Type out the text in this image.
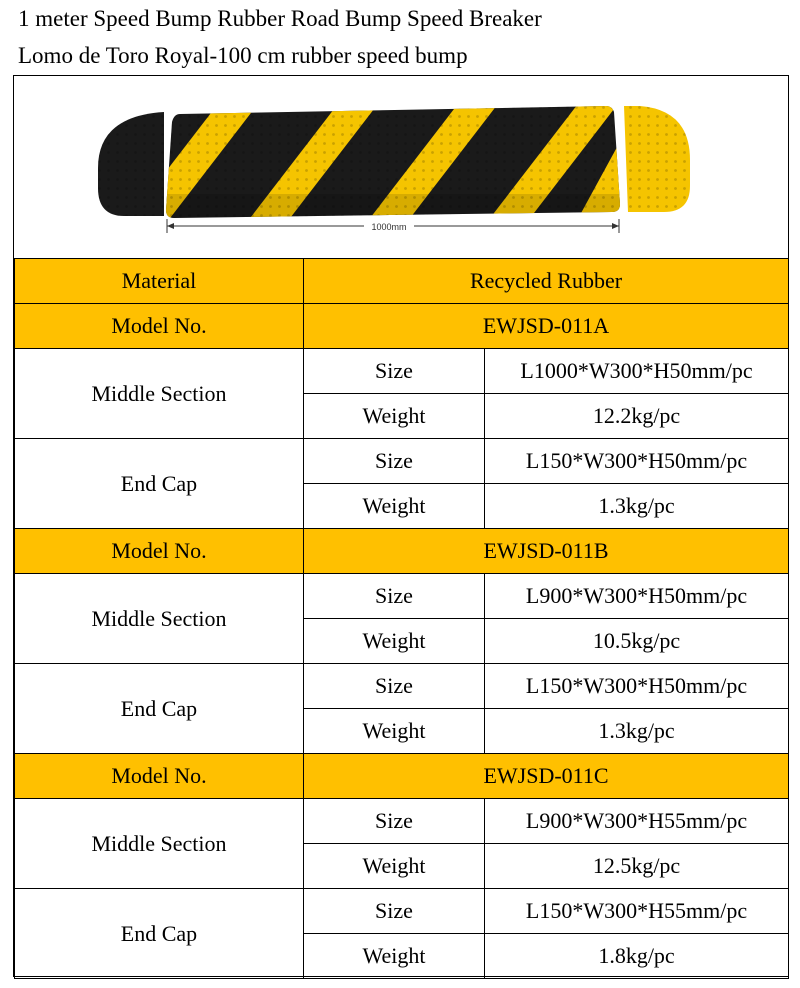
1 meter Speed Bump Rubber Road Bump Speed Breaker
Lomo de Toro Royal-100 cm rubber speed bump
1000mm
Material	Recycled Rubber	
Model No.	EWJSD-011A	
Middle Section	Size	L1000*W300*H50mm/pc
	Weight	12.2kg/pc
End Cap	Size	L150*W300*H50mm/pc
	Weight	1.3kg/pc
Model No.	EWJSD-011B	
Middle Section	Size	L900*W300*H50mm/pc
	Weight	10.5kg/pc
End Cap	Size	L150*W300*H50mm/pc
	Weight	1.3kg/pc
Model No.	EWJSD-011C	
Middle Section	Size	L900*W300*H55mm/pc
	Weight	12.5kg/pc
End Cap	Size	L150*W300*H55mm/pc
	Weight	1.8kg/pc
